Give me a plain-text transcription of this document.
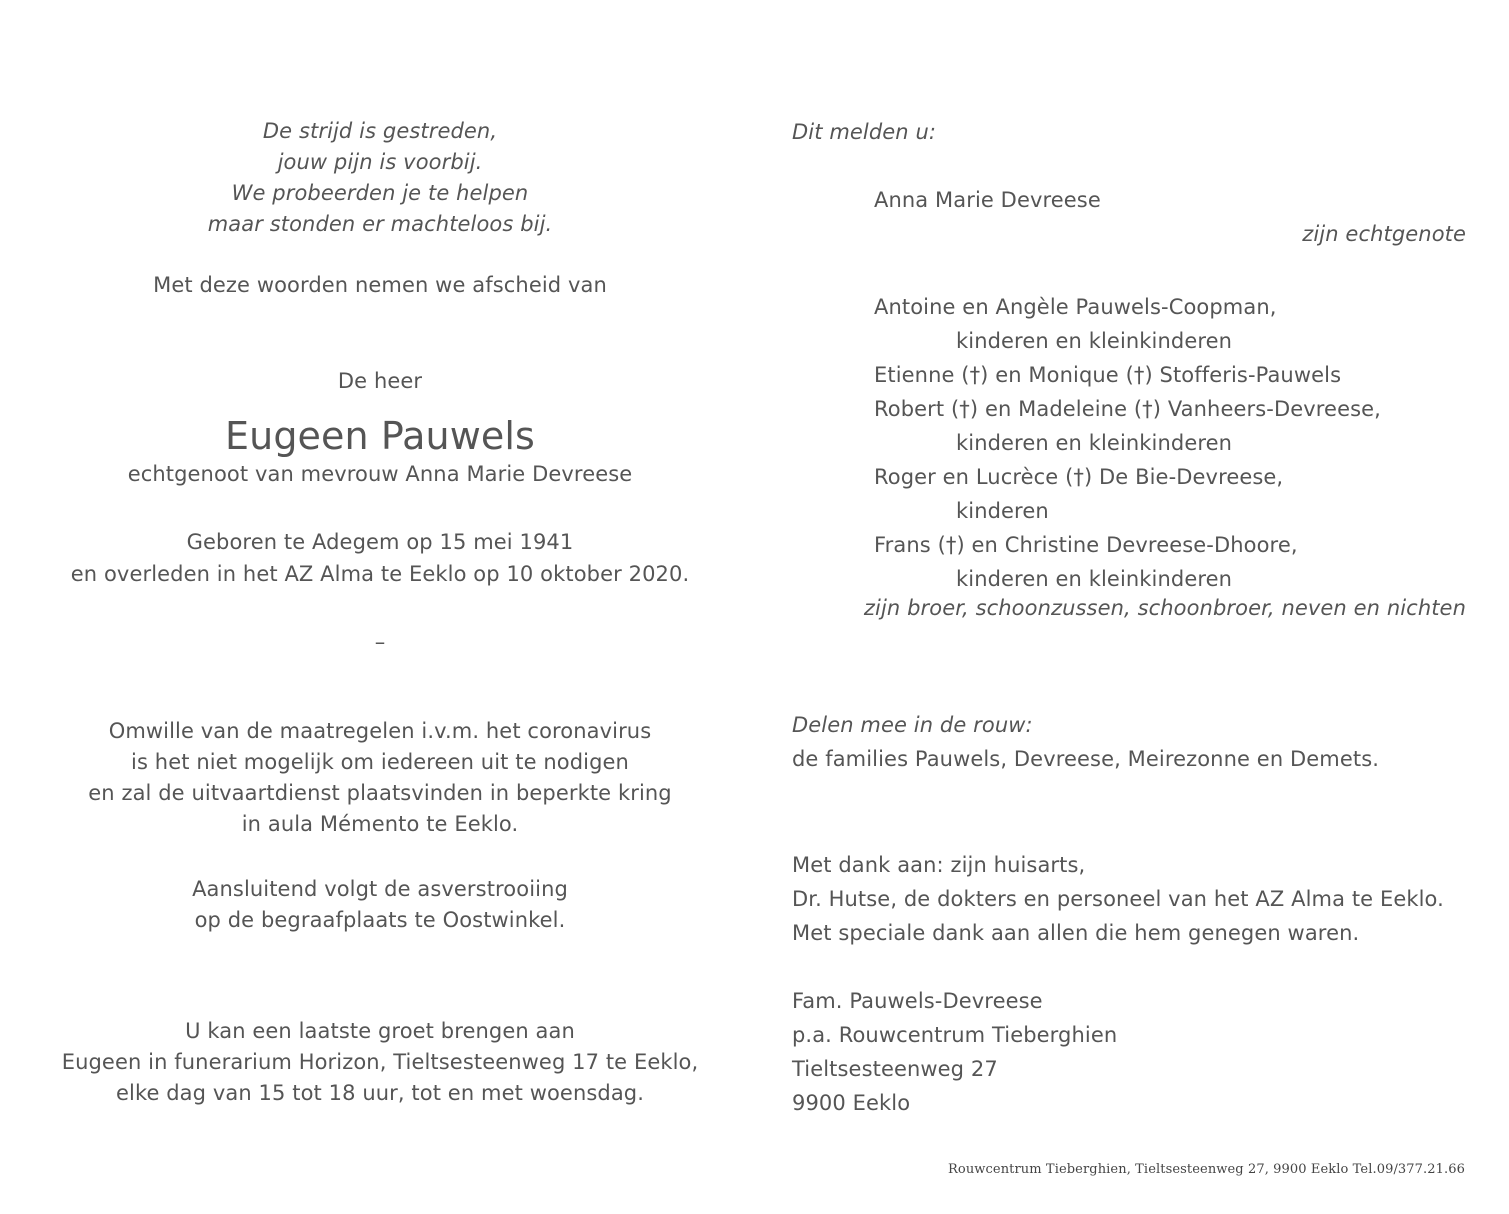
De strijd is gestreden,
jouw pijn is voorbij.
We probeerden je te helpen
maar stonden er machteloos bij.
Met deze woorden nemen we afscheid van
De heer
Eugeen Pauwels
echtgenoot van mevrouw Anna Marie Devreese
Geboren te Adegem op 15 mei 1941
en overleden in het AZ Alma te Eeklo op 10 oktober 2020.
–
Omwille van de maatregelen i.v.m. het coronavirus
is het niet mogelijk om iedereen uit te nodigen
en zal de uitvaartdienst plaatsvinden in beperkte kring
in aula Mémento te Eeklo.
Aansluitend volgt de asverstrooiing
op de begraafplaats te Oostwinkel.
U kan een laatste groet brengen aan
Eugeen in funerarium Horizon, Tieltsesteenweg 17 te Eeklo,
elke dag van 15 tot 18 uur, tot en met woensdag.
Dit melden u:
Anna Marie Devreese
zijn echtgenote
Antoine en Angèle Pauwels-Coopman,
kinderen en kleinkinderen
Etienne (†) en Monique (†) Stofferis-Pauwels
Robert (†) en Madeleine (†) Vanheers-Devreese,
kinderen en kleinkinderen
Roger en Lucrèce (†) De Bie-Devreese,
kinderen
Frans (†) en Christine Devreese-Dhoore,
kinderen en kleinkinderen
zijn broer, schoonzussen, schoonbroer, neven en nichten
Delen mee in de rouw:
de families Pauwels, Devreese, Meirezonne en Demets.
Met dank aan: zijn huisarts,
Dr. Hutse, de dokters en personeel van het AZ Alma te Eeklo.
Met speciale dank aan allen die hem genegen waren.
Fam. Pauwels-Devreese
p.a. Rouwcentrum Tieberghien
Tieltsesteenweg 27
9900 Eeklo
Rouwcentrum Tieberghien, Tieltsesteenweg 27, 9900 Eeklo Tel.09/377.21.66
